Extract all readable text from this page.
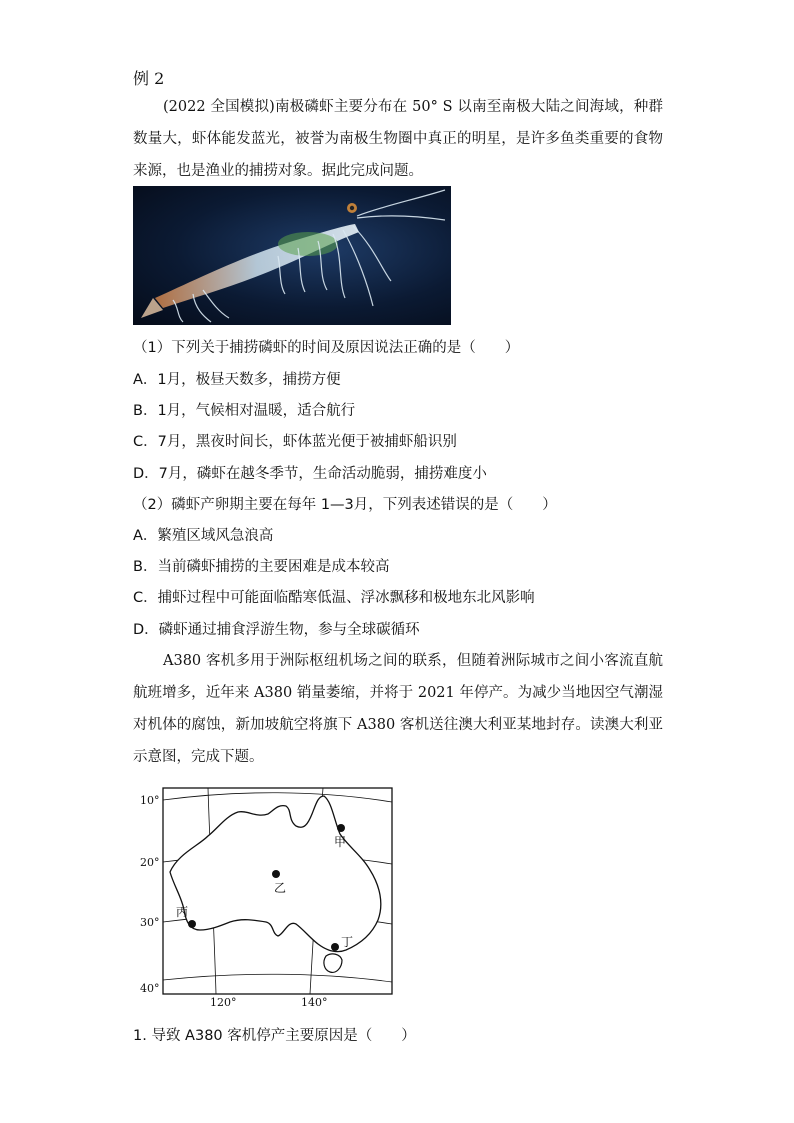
例 2
(2022 全国模拟)南极磷虾主要分布在 50° S 以南至南极大陆之间海域，种群数量大，虾体能发蓝光，被誉为南极生物圈中真正的明星，是许多鱼类重要的食物来源，也是渔业的捕捞对象。据此完成问题。
（1）下列关于捕捞磷虾的时间及原因说法正确的是（　　）
A．1月，极昼天数多，捕捞方便
B．1月，气候相对温暖，适合航行
C．7月，黑夜时间长，虾体蓝光便于被捕虾船识别
D．7月，磷虾在越冬季节，生命活动脆弱，捕捞难度小
（2）磷虾产卵期主要在每年 1—3月，下列表述错误的是（　　）
A．繁殖区域风急浪高
B．当前磷虾捕捞的主要困难是成本较高
C．捕虾过程中可能面临酷寒低温、浮冰飘移和极地东北风影响
D．磷虾通过捕食浮游生物，参与全球碳循环
A380 客机多用于洲际枢纽机场之间的联系，但随着洲际城市之间小客流直航航班增多，近年来 A380 销量萎缩，并将于 2021 年停产。为减少当地因空气潮湿对机体的腐蚀，新加坡航空将旗下 A380 客机送往澳大利亚某地封存。读澳大利亚示意图，完成下题。
10°
20°
30°
40°
120°	140°
甲
乙
丙
丁
1. 导致 A380 客机停产主要原因是（　　）
